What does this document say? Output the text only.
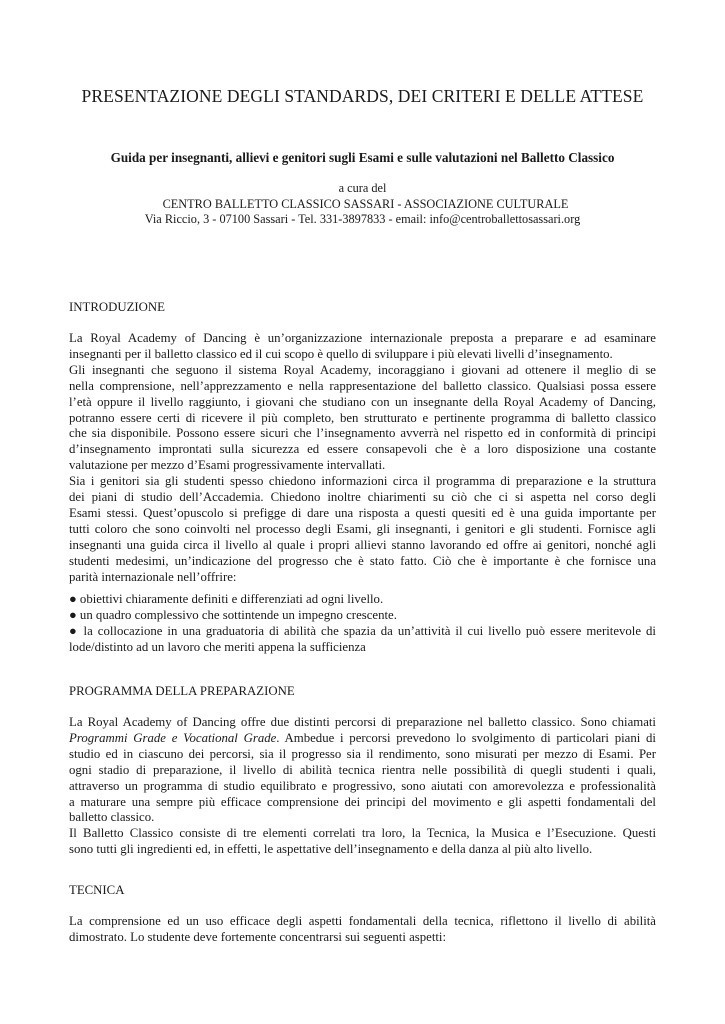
PRESENTAZIONE DEGLI STANDARDS, DEI CRITERI E DELLE ATTESE
Guida per insegnanti, allievi e genitori sugli Esami e sulle valutazioni nel Balletto Classico
a cura del
CENTRO BALLETTO CLASSICO SASSARI - ASSOCIAZIONE CULTURALE
Via Riccio, 3 - 07100 Sassari - Tel. 331-3897833 - email: info@centroballettosassari.org
INTRODUZIONE

La Royal Academy of Dancing è un’organizzazione internazionale preposta a preparare e ad esaminare
insegnanti per il balletto classico ed il cui scopo è quello di sviluppare i più elevati livelli d’insegnamento.

Gli insegnanti che seguono il sistema Royal Academy, incoraggiano i giovani ad ottenere il meglio di se
nella comprensione, nell’apprezzamento e nella rappresentazione del balletto classico. Qualsiasi possa essere
l’età oppure il livello raggiunto, i giovani che studiano con un insegnante della Royal Academy of Dancing,
potranno essere certi di ricevere il più completo, ben strutturato e pertinente programma di balletto classico
che sia disponibile. Possono essere sicuri che l’insegnamento avverrà nel rispetto ed in conformità di principi
d’insegnamento improntati sulla sicurezza ed essere consapevoli che è a loro disposizione una costante
valutazione per mezzo d’Esami progressivamente intervallati.

Sia i genitori sia gli studenti spesso chiedono informazioni circa il programma di preparazione e la struttura
dei piani di studio dell’Accademia. Chiedono inoltre chiarimenti su ciò che ci si aspetta nel corso degli
Esami stessi. Quest’opuscolo si prefigge di dare una risposta a questi quesiti ed è una guida importante per
tutti coloro che sono coinvolti nel processo degli Esami, gli insegnanti, i genitori e gli studenti. Fornisce agli
insegnanti una guida circa il livello al quale i propri allievi stanno lavorando ed offre ai genitori, nonché agli
studenti medesimi, un’indicazione del progresso che è stato fatto. Ciò che è importante è che fornisce una
parità internazionale nell’offrire:

● obiettivi chiaramente definiti e differenziati ad ogni livello.
● un quadro complessivo che sottintende un impegno crescente.
● la collocazione in una graduatoria di abilità che spazia da un’attività il cui livello può essere meritevole di
lode/distinto ad un lavoro che meriti appena la sufficienza
PROGRAMMA DELLA PREPARAZIONE

La Royal Academy of Dancing offre due distinti percorsi di preparazione nel balletto classico. Sono chiamati
Programmi Grade e Vocational Grade. Ambedue i percorsi prevedono lo svolgimento di particolari piani di
studio ed in ciascuno dei percorsi, sia il progresso sia il rendimento, sono misurati per mezzo di Esami. Per
ogni stadio di preparazione, il livello di abilità tecnica rientra nelle possibilità di quegli studenti i quali,
attraverso un programma di studio equilibrato e progressivo, sono aiutati con amorevolezza e professionalità
a maturare una sempre più efficace comprensione dei principi del movimento e gli aspetti fondamentali del
balletto classico.

Il Balletto Classico consiste di tre elementi correlati tra loro, la Tecnica, la Musica e l’Esecuzione. Questi
sono tutti gli ingredienti ed, in effetti, le aspettative dell’insegnamento e della danza al più alto livello.

TECNICA

La comprensione ed un uso efficace degli aspetti fondamentali della tecnica, riflettono il livello di abilità
dimostrato. Lo studente deve fortemente concentrarsi sui seguenti aspetti:
